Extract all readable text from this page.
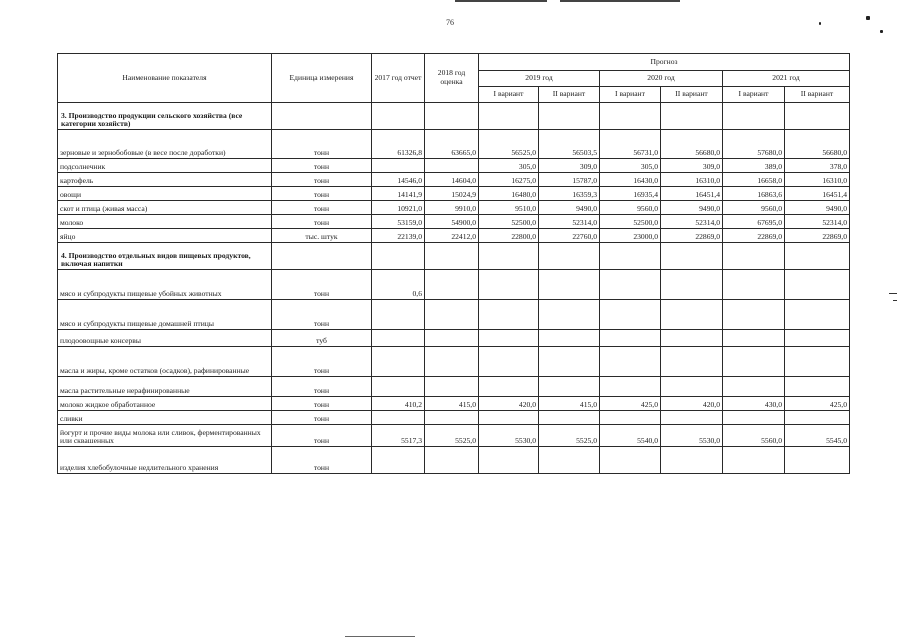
76
Наименование показателя	Единица измерения	2017 год отчет	2018 год оценка	Прогноз					
				2019 год		2020 год		2021 год	
				I вариант	II вариант	I вариант	II вариант	I вариант	II вариант
3. Производство продукции сельского хозяйства (все категории хозяйств)									
зерновые и зернобобовые (в весе после доработки)	тонн	61326,8	63665,0	56525,0	56503,5	56731,0	56680,0	57680,0	56680,0
подсолнечник	тонн			305,0	309,0	305,0	309,0	389,0	378,0
картофель	тонн	14546,0	14604,0	16275,0	15787,0	16430,0	16310,0	16658,0	16310,0
овощи	тонн	14141,9	15024,9	16480,0	16359,3	16935,4	16451,4	16863,6	16451,4
скот и птица (живая масса)	тонн	10921,0	9910,0	9510,0	9490,0	9560,0	9490,0	9560,0	9490,0
молоко	тонн	53159,0	54900,0	52500,0	52314,0	52500,0	52314,0	67695,0	52314,0
яйцо	тыс. штук	22139,0	22412,0	22800,0	22760,0	23000,0	22869,0	22869,0	22869,0
4. Производство отдельных видов пищевых продуктов, включая напитки									
мясо и субпродукты пищевые убойных животных	тонн	0,6							
мясо и субпродукты пищевые домашней птицы	тонн								
плодоовощные консервы	туб								
масла и жиры, кроме остатков (осадков), рафинированные	тонн								
масла растительные нерафинированные	тонн								
молоко жидкое обработанное	тонн	410,2	415,0	420,0	415,0	425,0	420,0	430,0	425,0
сливки	тонн								
йогурт и прочие виды молока или сливок, ферментированных или сквашенных	тонн	5517,3	5525,0	5530,0	5525,0	5540,0	5530,0	5560,0	5545,0
изделия хлебобулочные недлительного хранения	тонн								
